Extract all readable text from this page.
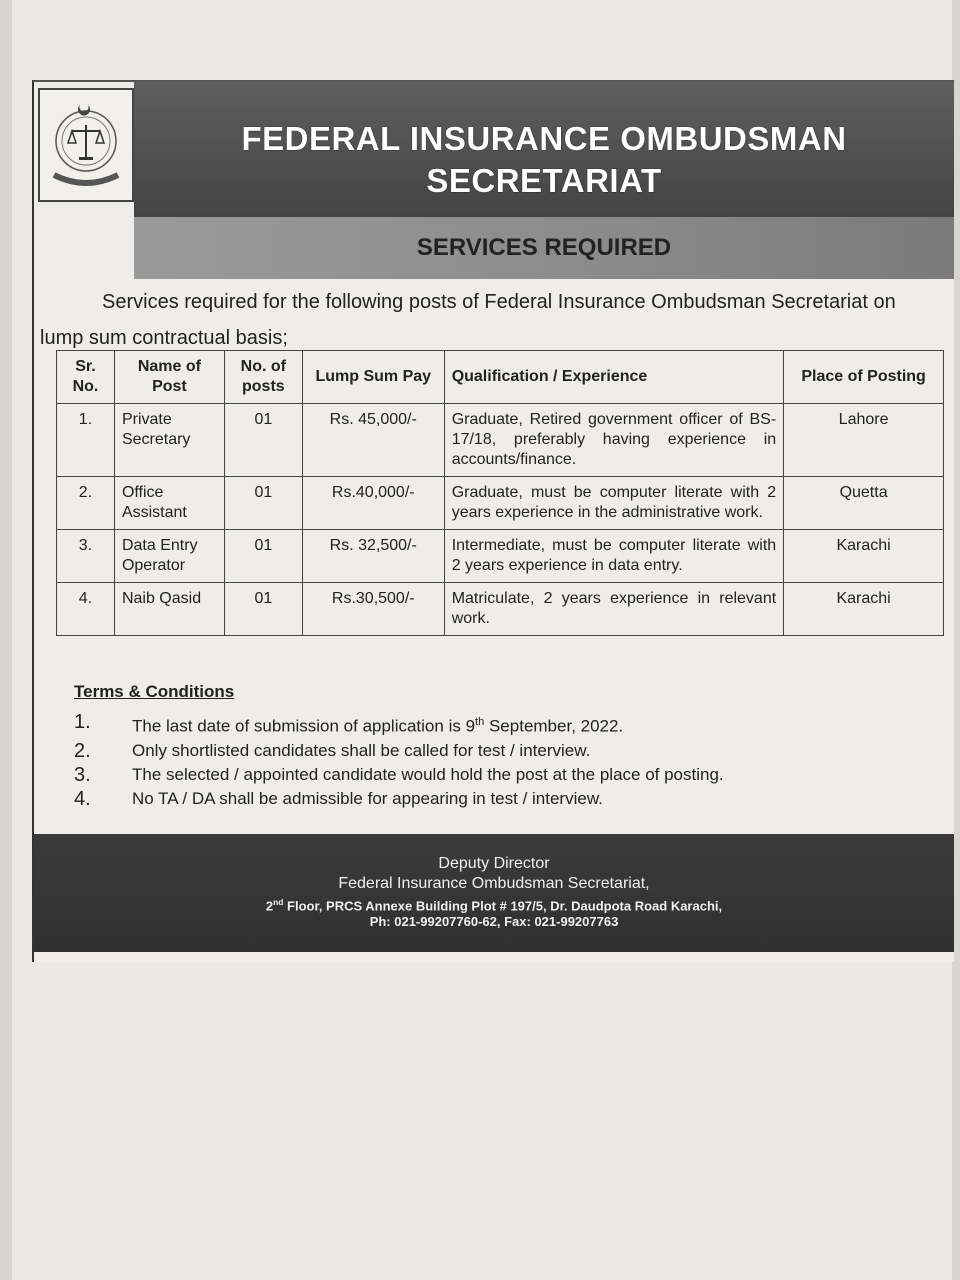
FEDERAL INSURANCE OMBUDSMAN
SECRETARIAT
SERVICES REQUIRED
Services required for the following posts of Federal Insurance Ombudsman Secretariat on
lump sum contractual basis;
Sr. No.	Name of Post	No. of posts	Lump Sum Pay	Qualification / Experience	Place of Posting
1.	Private Secretary	01	Rs. 45,000/-	Graduate, Retired government officer of BS-17/18, preferably having experience in accounts/finance.	Lahore
2.	Office Assistant	01	Rs.40,000/-	Graduate, must be computer literate with 2 years experience in the administrative work.	Quetta
3.	Data Entry Operator	01	Rs. 32,500/-	Intermediate, must be computer literate with 2 years experience in data entry.	Karachi
4.	Naib Qasid	01	Rs.30,500/-	Matriculate, 2 years experience in relevant work.	Karachi
Terms & Conditions
1.	The last date of submission of application is 9th September, 2022.
2.	Only shortlisted candidates shall be called for test / interview.
3.	The selected / appointed candidate would hold the post at the place of posting.
4.	No TA / DA shall be admissible for appearing in test / interview.
Deputy Director
Federal Insurance Ombudsman Secretariat,
2nd Floor, PRCS Annexe Building Plot # 197/5, Dr. Daudpota Road Karachi,
Ph: 021-99207760-62, Fax: 021-99207763
